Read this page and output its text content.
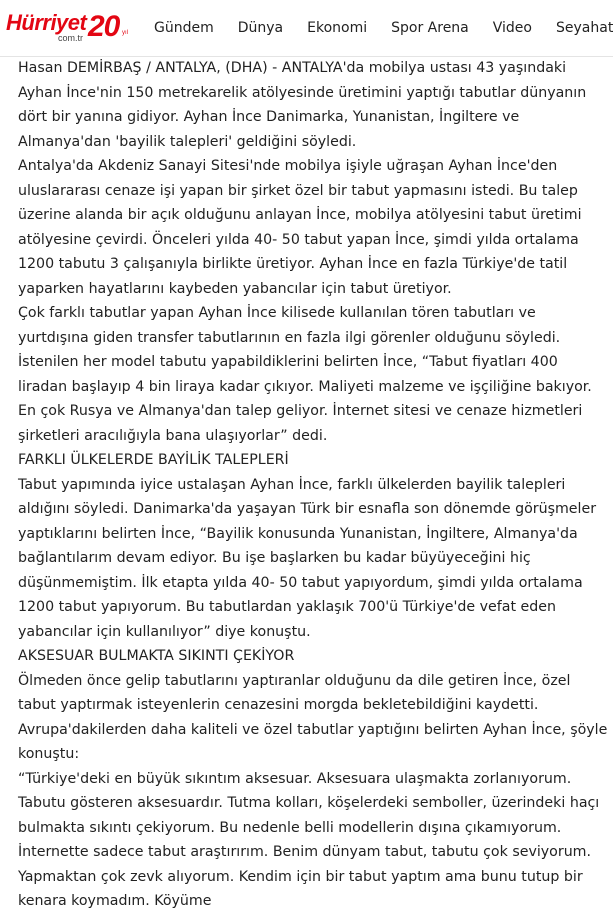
Hürriyet
com.tr 20 yıl Gündem	Dünya	Ekonomi	Spor Arena	Video	Seyahat

Hasan DEMİRBAŞ / ANTALYA, (DHA) - ANTALYA'da mobilya ustası 43 yaşındaki Ayhan İnce'nin 150 metrekarelik atölyesinde üretimini yaptığı tabutlar dünyanın dört bir yanına gidiyor. Ayhan İnce Danimarka, Yunanistan, İngiltere ve Almanya'dan 'bayilik talepleri' geldiğini söyledi.

Antalya'da Akdeniz Sanayi Sitesi'nde mobilya işiyle uğraşan Ayhan İnce'den uluslararası cenaze işi yapan bir şirket özel bir tabut yapmasını istedi. Bu talep üzerine alanda bir açık olduğunu anlayan İnce, mobilya atölyesini tabut üretimi atölyesine çevirdi. Önceleri yılda 40- 50 tabut yapan İnce, şimdi yılda ortalama 1200 tabutu 3 çalışanıyla birlikte üretiyor. Ayhan İnce en fazla Türkiye'de tatil yaparken hayatlarını kaybeden yabancılar için tabut üretiyor.

Çok farklı tabutlar yapan Ayhan İnce kilisede kullanılan tören tabutları ve yurtdışına giden transfer tabutlarının en fazla ilgi görenler olduğunu söyledi. İstenilen her model tabutu yapabildiklerini belirten İnce, “Tabut fiyatları 400 liradan başlayıp 4 bin liraya kadar çıkıyor. Maliyeti malzeme ve işçiliğine bakıyor. En çok Rusya ve Almanya'dan talep geliyor. İnternet sitesi ve cenaze hizmetleri şirketleri aracılığıyla bana ulaşıyorlar” dedi.

FARKLI ÜLKELERDE BAYİLİK TALEPLERİ

Tabut yapımında iyice ustalaşan Ayhan İnce, farklı ülkelerden bayilik talepleri aldığını söyledi. Danimarka'da yaşayan Türk bir esnafla son dönemde görüşmeler yaptıklarını belirten İnce, “Bayilik konusunda Yunanistan, İngiltere, Almanya'da bağlantılarım devam ediyor. Bu işe başlarken bu kadar büyüyeceğini hiç düşünmemiştim. İlk etapta yılda 40- 50 tabut yapıyordum, şimdi yılda ortalama 1200 tabut yapıyorum. Bu tabutlardan yaklaşık 700'ü Türkiye'de vefat eden yabancılar için kullanılıyor” diye konuştu.

AKSESUAR BULMAKTA SIKINTI ÇEKİYOR

Ölmeden önce gelip tabutlarını yaptıranlar olduğunu da dile getiren İnce, özel tabut yaptırmak isteyenlerin cenazesini morgda bekletebildiğini kaydetti. Avrupa'dakilerden daha kaliteli ve özel tabutlar yaptığını belirten Ayhan İnce, şöyle konuştu:

“Türkiye'deki en büyük sıkıntım aksesuar. Aksesuara ulaşmakta zorlanıyorum. Tabutu gösteren aksesuardır. Tutma kolları, köşelerdeki semboller, üzerindeki haçı bulmakta sıkıntı çekiyorum. Bu nedenle belli modellerin dışına çıkamıyorum. İnternette sadece tabut araştırırım. Benim dünyam tabut, tabutu çok seviyorum. Yapmaktan çok zevk alıyorum. Kendim için bir tabut yaptım ama bunu tutup bir kenara koymadım. Köyüme
